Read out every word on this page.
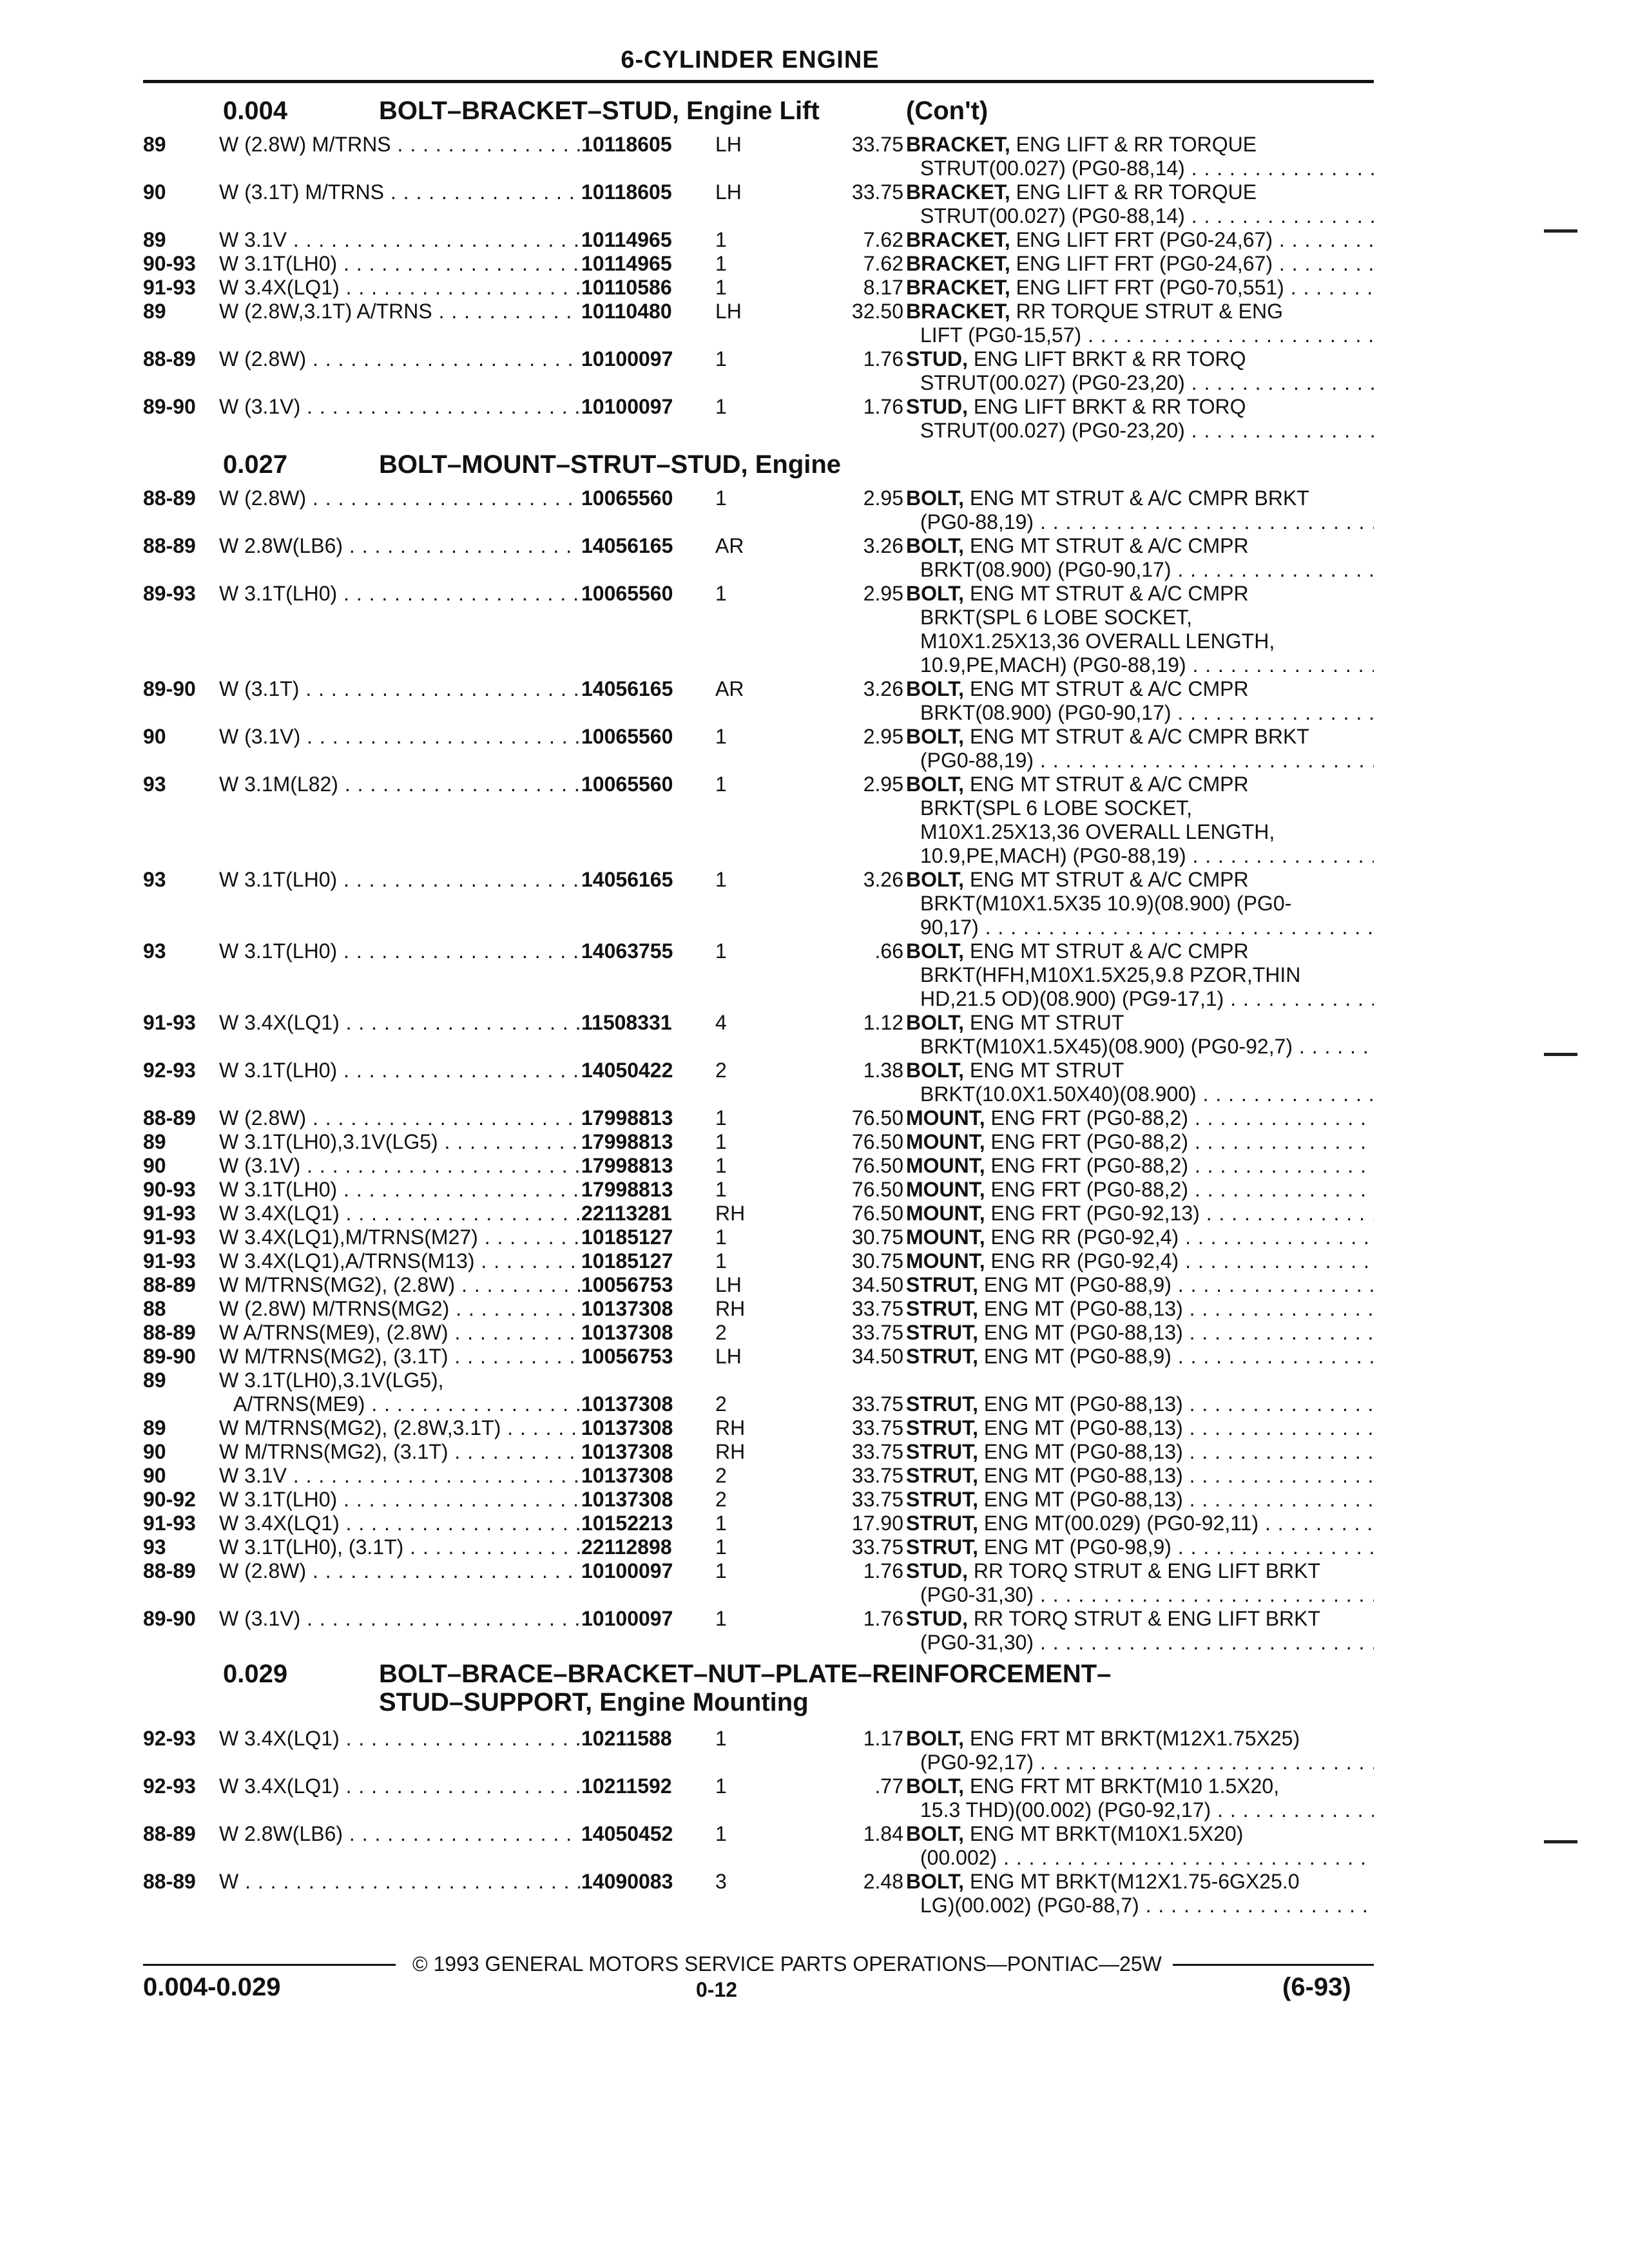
6-CYLINDER ENGINE
0.004	BOLT–BRACKET–STUD, Engine Lift	(Con't)
89	W (2.8W) M/TRNS . . .	10118605 LH	33.75 BRACKET, ENG LIFT & RR TORQUE
STRUT(00.027) (PG0-88,14) . . .
90	W (3.1T) M/TRNS . . .	10118605 LH	33.75 BRACKET, ENG LIFT & RR TORQUE
STRUT(00.027) (PG0-88,14) . . .
89	W 3.1V . . .	10114965 1	7.62 BRACKET, ENG LIFT FRT (PG0-24,67) . . .
90-93	W 3.1T(LH0) . . .	10114965 1	7.62 BRACKET, ENG LIFT FRT (PG0-24,67) . . .
91-93	W 3.4X(LQ1) . . .	10110586 1	8.17 BRACKET, ENG LIFT FRT (PG0-70,551) . . .
89	W (2.8W,3.1T) A/TRNS . . .	10110480 LH	32.50 BRACKET, RR TORQUE STRUT & ENG
LIFT (PG0-15,57) . . .
88-89	W (2.8W) . . .	10100097 1	1.76 STUD, ENG LIFT BRKT & RR TORQ
STRUT(00.027) (PG0-23,20) . . .
89-90	W (3.1V) . . .	10100097 1	1.76 STUD, ENG LIFT BRKT & RR TORQ
STRUT(00.027) (PG0-23,20) . . .
0.027	BOLT–MOUNT–STRUT–STUD, Engine
88-89	W (2.8W) . . .	10065560 1	2.95 BOLT, ENG MT STRUT & A/C CMPR BRKT
(PG0-88,19) . . .
88-89	W 2.8W(LB6) . . .	14056165 AR	3.26 BOLT, ENG MT STRUT & A/C CMPR
BRKT(08.900) (PG0-90,17) . . .
89-93	W 3.1T(LH0) . . .	10065560 1	2.95 BOLT, ENG MT STRUT & A/C CMPR
BRKT(SPL 6 LOBE SOCKET,
M10X1.25X13,36 OVERALL LENGTH,
10.9,PE,MACH) (PG0-88,19) . . .
89-90	W (3.1T) . . .	14056165 AR	3.26 BOLT, ENG MT STRUT & A/C CMPR
BRKT(08.900) (PG0-90,17) . . .
90	W (3.1V) . . .	10065560 1	2.95 BOLT, ENG MT STRUT & A/C CMPR BRKT
(PG0-88,19) . . .
93	W 3.1M(L82) . . .	10065560 1	2.95 BOLT, ENG MT STRUT & A/C CMPR
BRKT(SPL 6 LOBE SOCKET,
M10X1.25X13,36 OVERALL LENGTH,
10.9,PE,MACH) (PG0-88,19) . . .
93	W 3.1T(LH0) . . .	14056165 1	3.26 BOLT, ENG MT STRUT & A/C CMPR
BRKT(M10X1.5X35 10.9)(08.900) (PG0-
90,17) . . .
93	W 3.1T(LH0) . . .	14063755 1	.66 BOLT, ENG MT STRUT & A/C CMPR
BRKT(HFH,M10X1.5X25,9.8 PZOR,THIN
HD,21.5 OD)(08.900) (PG9-17,1) . . .
91-93	W 3.4X(LQ1) . . .	11508331 4	1.12 BOLT, ENG MT STRUT
BRKT(M10X1.5X45)(08.900) (PG0-92,7) . . .
92-93	W 3.1T(LH0) . . .	14050422 2	1.38 BOLT, ENG MT STRUT
BRKT(10.0X1.50X40)(08.900) . . .
88-89	W (2.8W) . . .	17998813 1	76.50 MOUNT, ENG FRT (PG0-88,2) . . .
89	W 3.1T(LH0),3.1V(LG5) . . .	17998813 1	76.50 MOUNT, ENG FRT (PG0-88,2) . . .
90	W (3.1V) . . .	17998813 1	76.50 MOUNT, ENG FRT (PG0-88,2) . . .
90-93	W 3.1T(LH0) . . .	17998813 1	76.50 MOUNT, ENG FRT (PG0-88,2) . . .
91-93	W 3.4X(LQ1) . . .	22113281 RH	76.50 MOUNT, ENG FRT (PG0-92,13) . . .
91-93	W 3.4X(LQ1),M/TRNS(M27) . . .	10185127 1	30.75 MOUNT, ENG RR (PG0-92,4) . . .
91-93	W 3.4X(LQ1),A/TRNS(M13) . . .	10185127 1	30.75 MOUNT, ENG RR (PG0-92,4) . . .
88-89	W M/TRNS(MG2), (2.8W) . . .	10056753 LH	34.50 STRUT, ENG MT (PG0-88,9) . . .
88	W (2.8W) M/TRNS(MG2) . . .	10137308 RH	33.75 STRUT, ENG MT (PG0-88,13) . . .
88-89	W A/TRNS(ME9), (2.8W) . . .	10137308 2	33.75 STRUT, ENG MT (PG0-88,13) . . .
89-90	W M/TRNS(MG2), (3.1T) . . .	10056753 LH	34.50 STRUT, ENG MT (PG0-88,9) . . .
89	W 3.1T(LH0),3.1V(LG5),
A/TRNS(ME9) . . .	10137308 2	33.75 STRUT, ENG MT (PG0-88,13) . . .
89	W M/TRNS(MG2), (2.8W,3.1T) . . .	10137308 RH	33.75 STRUT, ENG MT (PG0-88,13) . . .
90	W M/TRNS(MG2), (3.1T) . . .	10137308 RH	33.75 STRUT, ENG MT (PG0-88,13) . . .
90	W 3.1V . . .	10137308 2	33.75 STRUT, ENG MT (PG0-88,13) . . .
90-92	W 3.1T(LH0) . . .	10137308 2	33.75 STRUT, ENG MT (PG0-88,13) . . .
91-93	W 3.4X(LQ1) . . .	10152213 1	17.90 STRUT, ENG MT(00.029) (PG0-92,11) . . .
93	W 3.1T(LH0), (3.1T) . . .	22112898 1	33.75 STRUT, ENG MT (PG0-98,9) . . .
88-89	W (2.8W) . . .	10100097 1	1.76 STUD, RR TORQ STRUT & ENG LIFT BRKT
(PG0-31,30) . . .
89-90	W (3.1V) . . .	10100097 1	1.76 STUD, RR TORQ STRUT & ENG LIFT BRKT
(PG0-31,30) . . .
0.029	BOLT–BRACE–BRACKET–NUT–PLATE–REINFORCEMENT–
STUD–SUPPORT, Engine Mounting
92-93	W 3.4X(LQ1) . . .	10211588 1	1.17 BOLT, ENG FRT MT BRKT(M12X1.75X25)
(PG0-92,17) . . .
92-93	W 3.4X(LQ1) . . .	10211592 1	.77 BOLT, ENG FRT MT BRKT(M10 1.5X20,
15.3 THD)(00.002) (PG0-92,17) . . .
88-89	W 2.8W(LB6) . . .	14050452 1	1.84 BOLT, ENG MT BRKT(M10X1.5X20)
(00.002) . . .
88-89	W . . .	14090083 3	2.48 BOLT, ENG MT BRKT(M12X1.75-6GX25.0
LG)(00.002) (PG0-88,7) . . .
© 1993 GENERAL MOTORS SERVICE PARTS OPERATIONS—PONTIAC—25W
0.004-0.029	0-12	(6-93)
